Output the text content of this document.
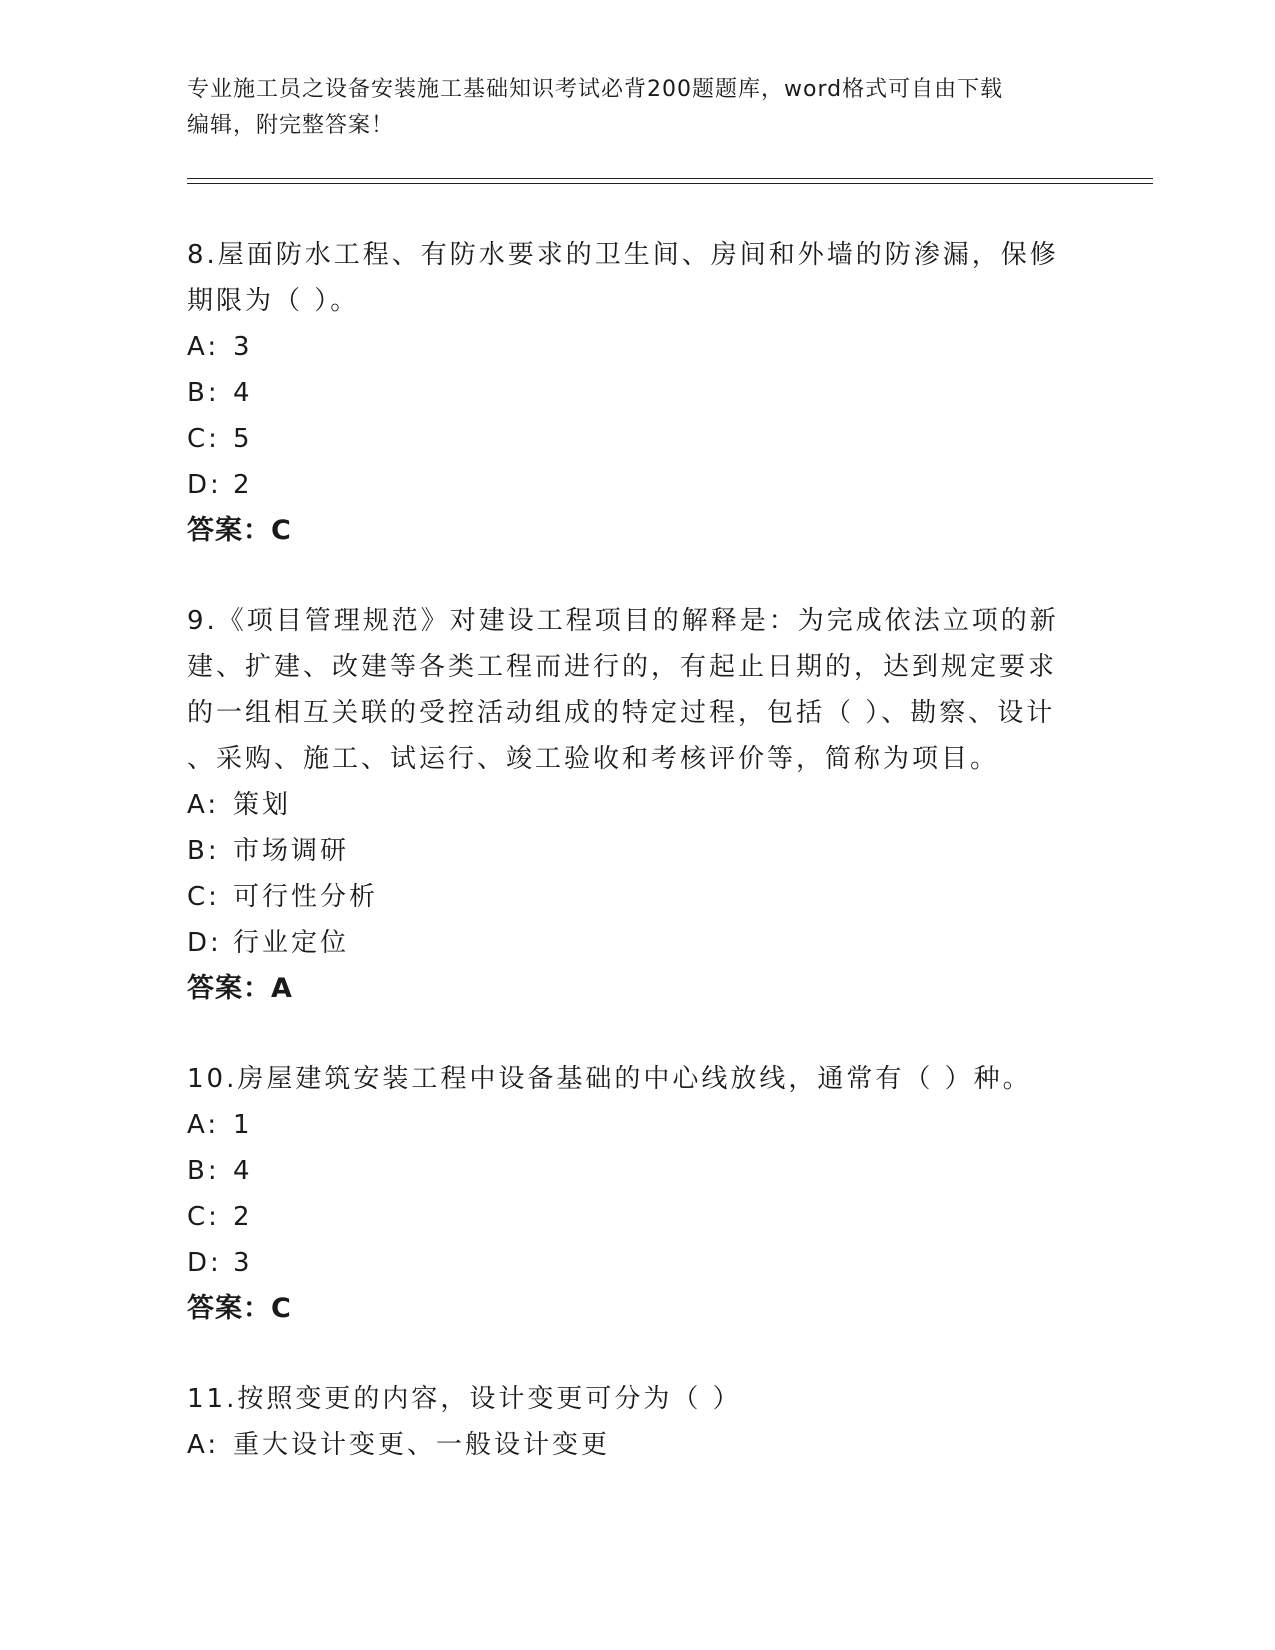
专业施工员之设备安装施工基础知识考试必背200题题库，word格式可自由下载
编辑，附完整答案！
8.屋面防水工程、有防水要求的卫生间、房间和外墙的防渗漏，保修
期限为（ ）。
A: 3
B: 4
C: 5
D: 2
答案：C
9.《项目管理规范》对建设工程项目的解释是：为完成依法立项的新
建、扩建、改建等各类工程而进行的，有起止日期的，达到规定要求
的一组相互关联的受控活动组成的特定过程，包括（ ）、勘察、设计
、采购、施工、试运行、竣工验收和考核评价等，简称为项目。
A: 策划
B: 市场调研
C: 可行性分析
D: 行业定位
答案：A
10.房屋建筑安装工程中设备基础的中心线放线，通常有（ ）种。
A: 1
B: 4
C: 2
D: 3
答案：C
11.按照变更的内容，设计变更可分为（ ）
A: 重大设计变更、一般设计变更
